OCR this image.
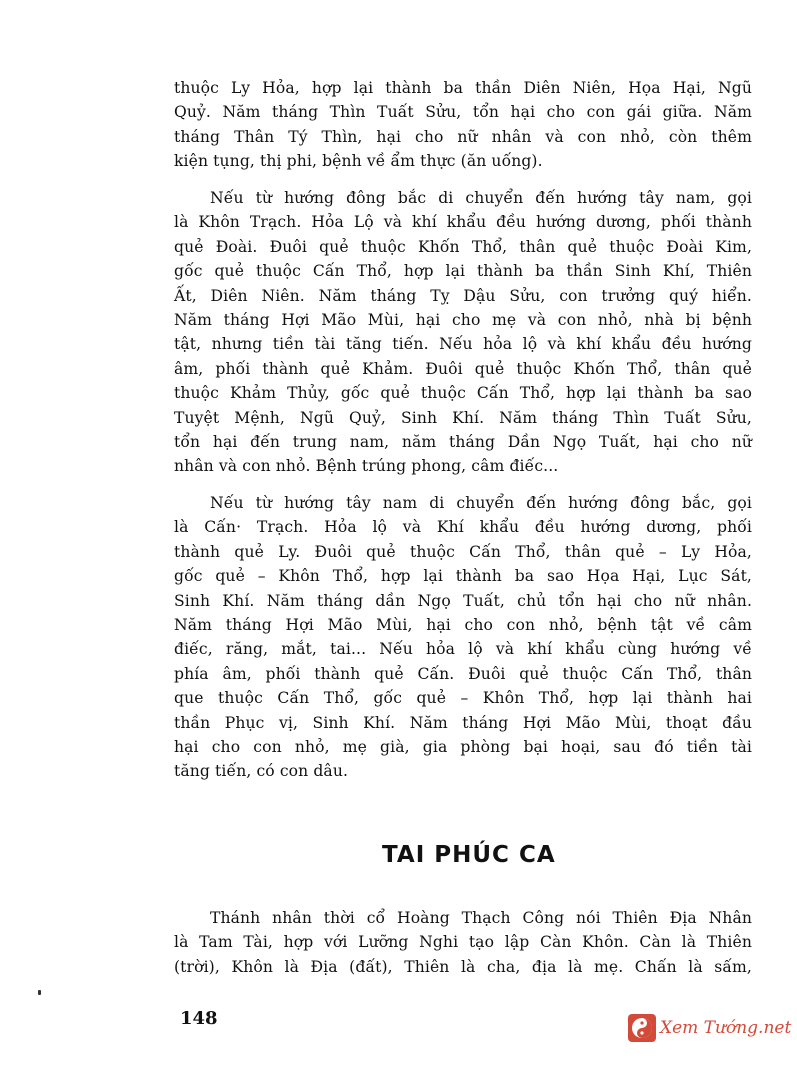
thuộc Ly Hỏa, hợp lại thành ba thần Diên Niên, Họa Hại, Ngũ
Quỷ. Năm tháng Thìn Tuất Sửu, tổn hại cho con gái giữa. Năm
tháng Thân Tý Thìn, hại cho nữ nhân và con nhỏ, còn thêm
kiện tụng, thị phi, bệnh về ẩm thực (ăn uống).
Nếu từ hướng đông bắc di chuyển đến hướng tây nam, gọi
là Khôn Trạch. Hỏa Lộ và khí khẩu đều hướng dương, phối thành
quẻ Đoài. Đuôi quẻ thuộc Khốn Thổ, thân quẻ thuộc Đoài Kim,
gốc quẻ thuộc Cấn Thổ, hợp lại thành ba thần Sinh Khí, Thiên
Ất, Diên Niên. Năm tháng Tỵ Dậu Sửu, con trưởng quý hiển.
Năm tháng Hợi Mão Mùi, hại cho mẹ và con nhỏ, nhà bị bệnh
tật, nhưng tiền tài tăng tiến. Nếu hỏa lộ và khí khẩu đều hướng
âm, phối thành quẻ Khảm. Đuôi quẻ thuộc Khốn Thổ, thân quẻ
thuộc Khảm Thủy, gốc quẻ thuộc Cấn Thổ, hợp lại thành ba sao
Tuyệt Mệnh, Ngũ Quỷ, Sinh Khí. Năm tháng Thìn Tuất Sửu,
tổn hại đến trung nam, năm tháng Dần Ngọ Tuất, hại cho nữ
nhân và con nhỏ. Bệnh trúng phong, câm điếc...
Nếu từ hướng tây nam di chuyển đến hướng đông bắc, gọi
là Cấn· Trạch. Hỏa lộ và Khí khẩu đều hướng dương, phối
thành quẻ Ly. Đuôi quẻ thuộc Cấn Thổ, thân quẻ – Ly Hỏa,
gốc quẻ – Khôn Thổ, hợp lại thành ba sao Họa Hại, Lục Sát,
Sinh Khí. Năm tháng dần Ngọ Tuất, chủ tổn hại cho nữ nhân.
Năm tháng Hợi Mão Mùi, hại cho con nhỏ, bệnh tật về câm
điếc, răng, mắt, tai... Nếu hỏa lộ và khí khẩu cùng hướng về
phía âm, phối thành quẻ Cấn. Đuôi quẻ thuộc Cấn Thổ, thân
que thuộc Cấn Thổ, gốc quẻ – Khôn Thổ, hợp lại thành hai
thần Phục vị, Sinh Khí. Năm tháng Hợi Mão Mùi, thoạt đầu
hại cho con nhỏ, mẹ già, gia phòng bại hoại, sau đó tiền tài
tăng tiến, có con dâu.
TAI PHÚC CA
Thánh nhân thời cổ Hoàng Thạch Công nói Thiên Địa Nhân
là Tam Tài, hợp với Lưỡng Nghi tạo lập Càn Khôn. Càn là Thiên
(trời), Khôn là Địa (đất), Thiên là cha, địa là mẹ. Chấn là sấm,
148	Xem Tướng.net
